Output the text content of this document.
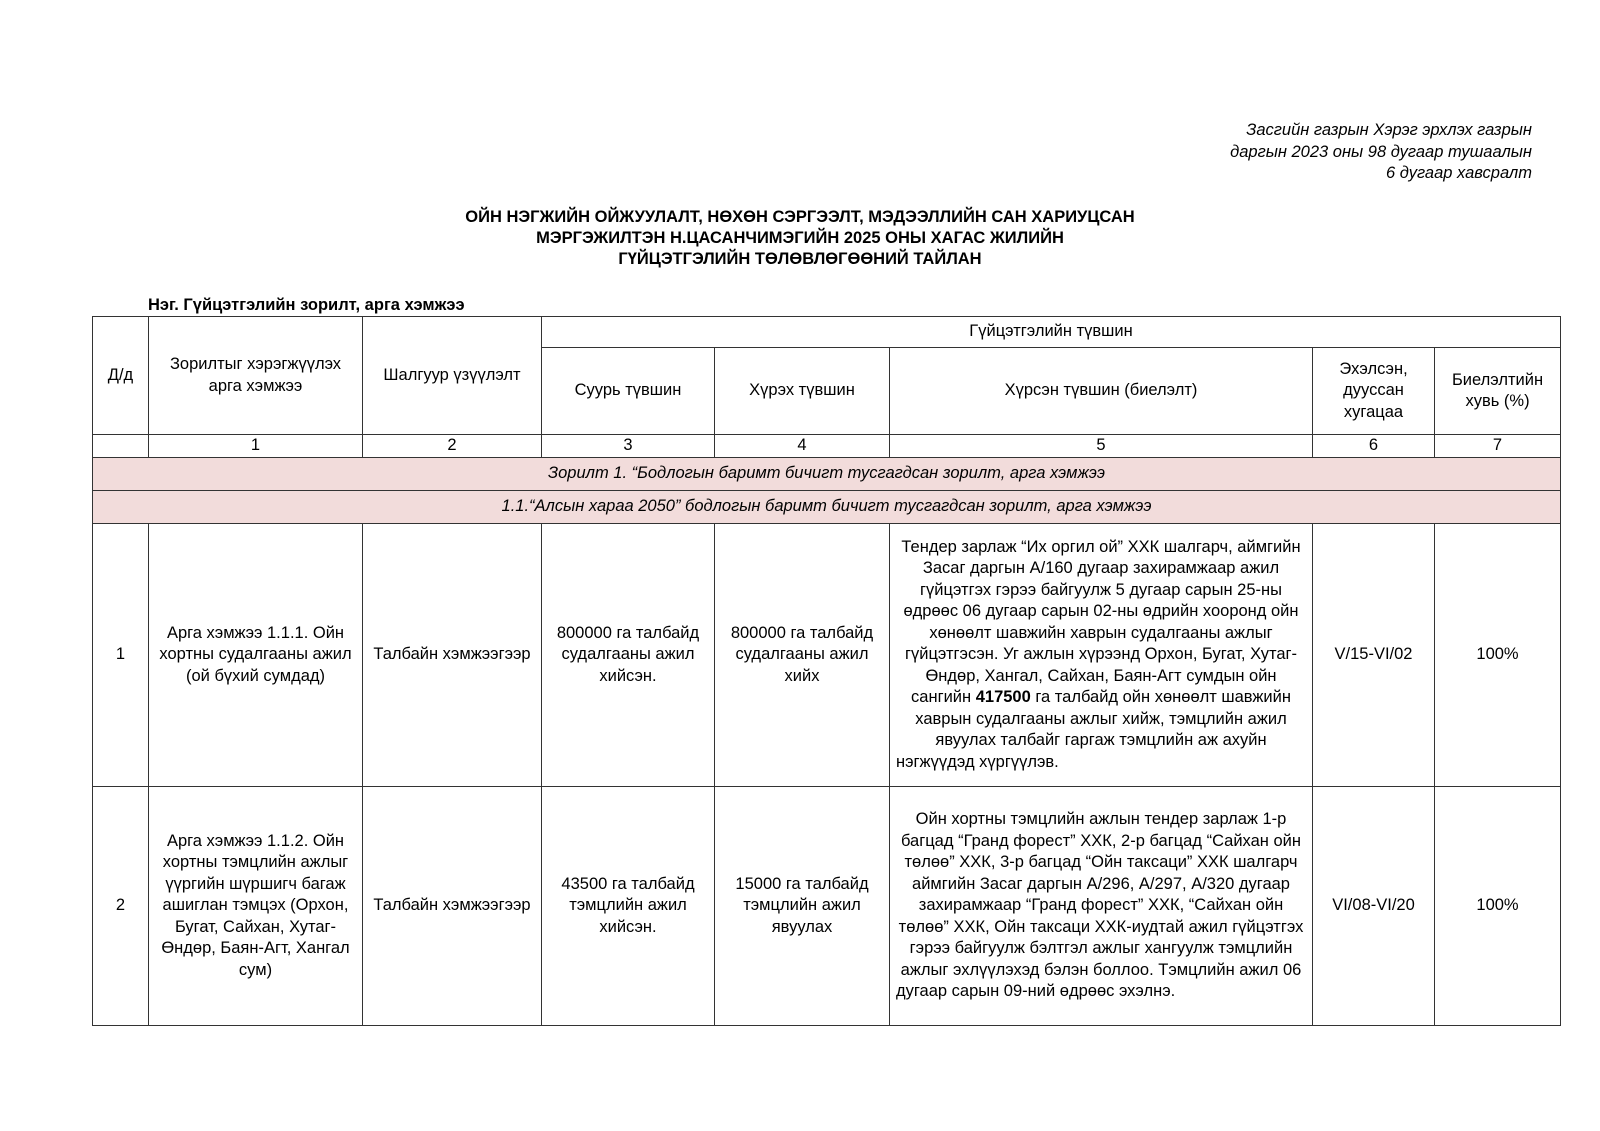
Засгийн газрын Хэрэг эрхлэх газрын
даргын 2023 оны 98 дугаар тушаалын
6 дугаар хавсралт
ОЙН НЭГЖИЙН ОЙЖУУЛАЛТ, НӨХӨН СЭРГЭЭЛТ, МЭДЭЭЛЛИЙН САН ХАРИУЦСАН
МЭРГЭЖИЛТЭН Н.ЦАСАНЧИМЭГИЙН 2025 ОНЫ ХАГАС ЖИЛИЙН
ГҮЙЦЭТГЭЛИЙН ТӨЛӨВЛӨГӨӨНИЙ ТАЙЛАН
Нэг. Гүйцэтгэлийн зорилт, арга хэмжээ
Д/д	Зорилтыг хэрэгжүүлэх арга хэмжээ	Шалгуур үзүүлэлт	Гүйцэтгэлийн түвшин				
			Суурь түвшин	Хүрэх түвшин	Хүрсэн түвшин (биелэлт)	Эхэлсэн, дууссан хугацаа	Биелэлтийн хувь (%)
	1	2	3	4	5	6	7
Зорилт 1. “Бодлогын баримт бичигт тусгагдсан зорилт, арга хэмжээ							
1.1.“Алсын хараа 2050” бодлогын баримт бичигт тусгагдсан зорилт, арга хэмжээ							
1	Арга хэмжээ 1.1.1. Ойн хортны судалгааны ажил (ой бүхий сумдад)	Талбайн хэмжээгээр	800000 га талбайд судалгааны ажил хийсэн.	800000 га талбайд судалгааны ажил хийх	Тендер зарлаж “Их оргил ой” ХХК шалгарч, аймгийн Засаг даргын А/160 дугаар захирамжаар ажил гүйцэтгэх гэрээ байгуулж 5 дугаар сарын 25-ны өдрөөс 06 дугаар сарын 02-ны өдрийн хооронд ойн хөнөөлт шавжийн хаврын судалгааны ажлыг гүйцэтгэсэн. Уг ажлын хүрээнд Орхон, Бугат, Хутаг-Өндөр, Хангал, Сайхан, Баян-Агт сумдын ойн сангийн 417500 га талбайд ойн хөнөөлт шавжийн хаврын судалгааны ажлыг хийж, тэмцлийн ажил явуулах талбайг гаргаж тэмцлийн аж ахуйн нэгжүүдэд хүргүүлэв.	V/15-VI/02	100%
2	Арга хэмжээ 1.1.2. Ойн хортны тэмцлийн ажлыг үүргийн шүршигч багаж ашиглан тэмцэх (Орхон, Бугат, Сайхан, Хутаг-Өндөр, Баян-Агт, Хангал сум)	Талбайн хэмжээгээр	43500 га талбайд тэмцлийн ажил хийсэн.	15000 га талбайд тэмцлийн ажил явуулах	Ойн хортны тэмцлийн ажлын тендер зарлаж 1-р багцад “Гранд форест” ХХК, 2-р багцад “Сайхан ойн төлөө” ХХК, 3-р багцад “Ойн таксаци” ХХК шалгарч аймгийн Засаг даргын А/296, А/297, А/320 дугаар захирамжаар “Гранд форест” ХХК, “Сайхан ойн төлөө” ХХК, Ойн таксаци ХХК-иудтай ажил гүйцэтгэх гэрээ байгуулж бэлтгэл ажлыг хангуулж тэмцлийн ажлыг эхлүүлэхэд бэлэн боллоо. Тэмцлийн ажил 06 дугаар сарын 09-ний өдрөөс эхэлнэ.	VI/08-VI/20	100%
